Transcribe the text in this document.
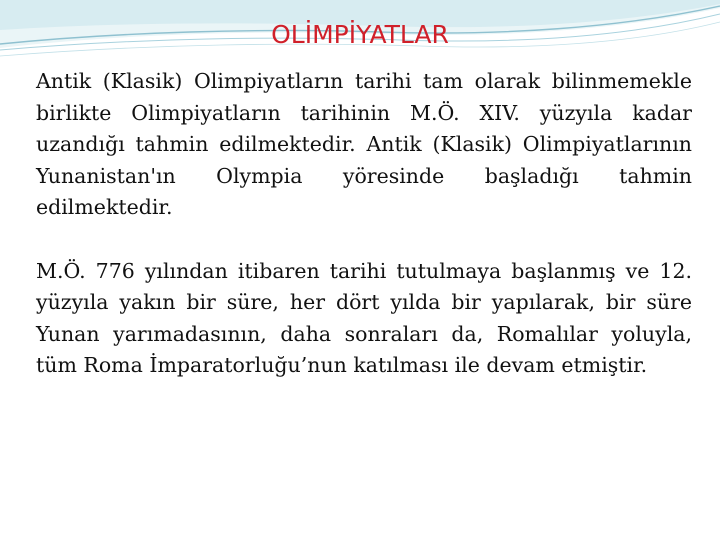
OLİMPİYATLAR

Antik (Klasik) Olimpiyatların tarihi tam olarak bilinmemekle birlikte Olimpiyatların tarihinin M.Ö. XIV. yüzyıla kadar uzandığı tahmin edilmektedir. Antik (Klasik) Olimpiyatlarının Yunanistan'ın Olympia yöresinde başladığı tahmin edilmektedir.

M.Ö. 776 yılından itibaren tarihi tutulmaya başlanmış ve 12. yüzyıla yakın bir süre, her dört yılda bir yapılarak, bir süre Yunan yarımadasının, daha sonraları da, Romalılar yoluyla, tüm Roma İmparatorluğu’nun katılması ile devam etmiştir.
